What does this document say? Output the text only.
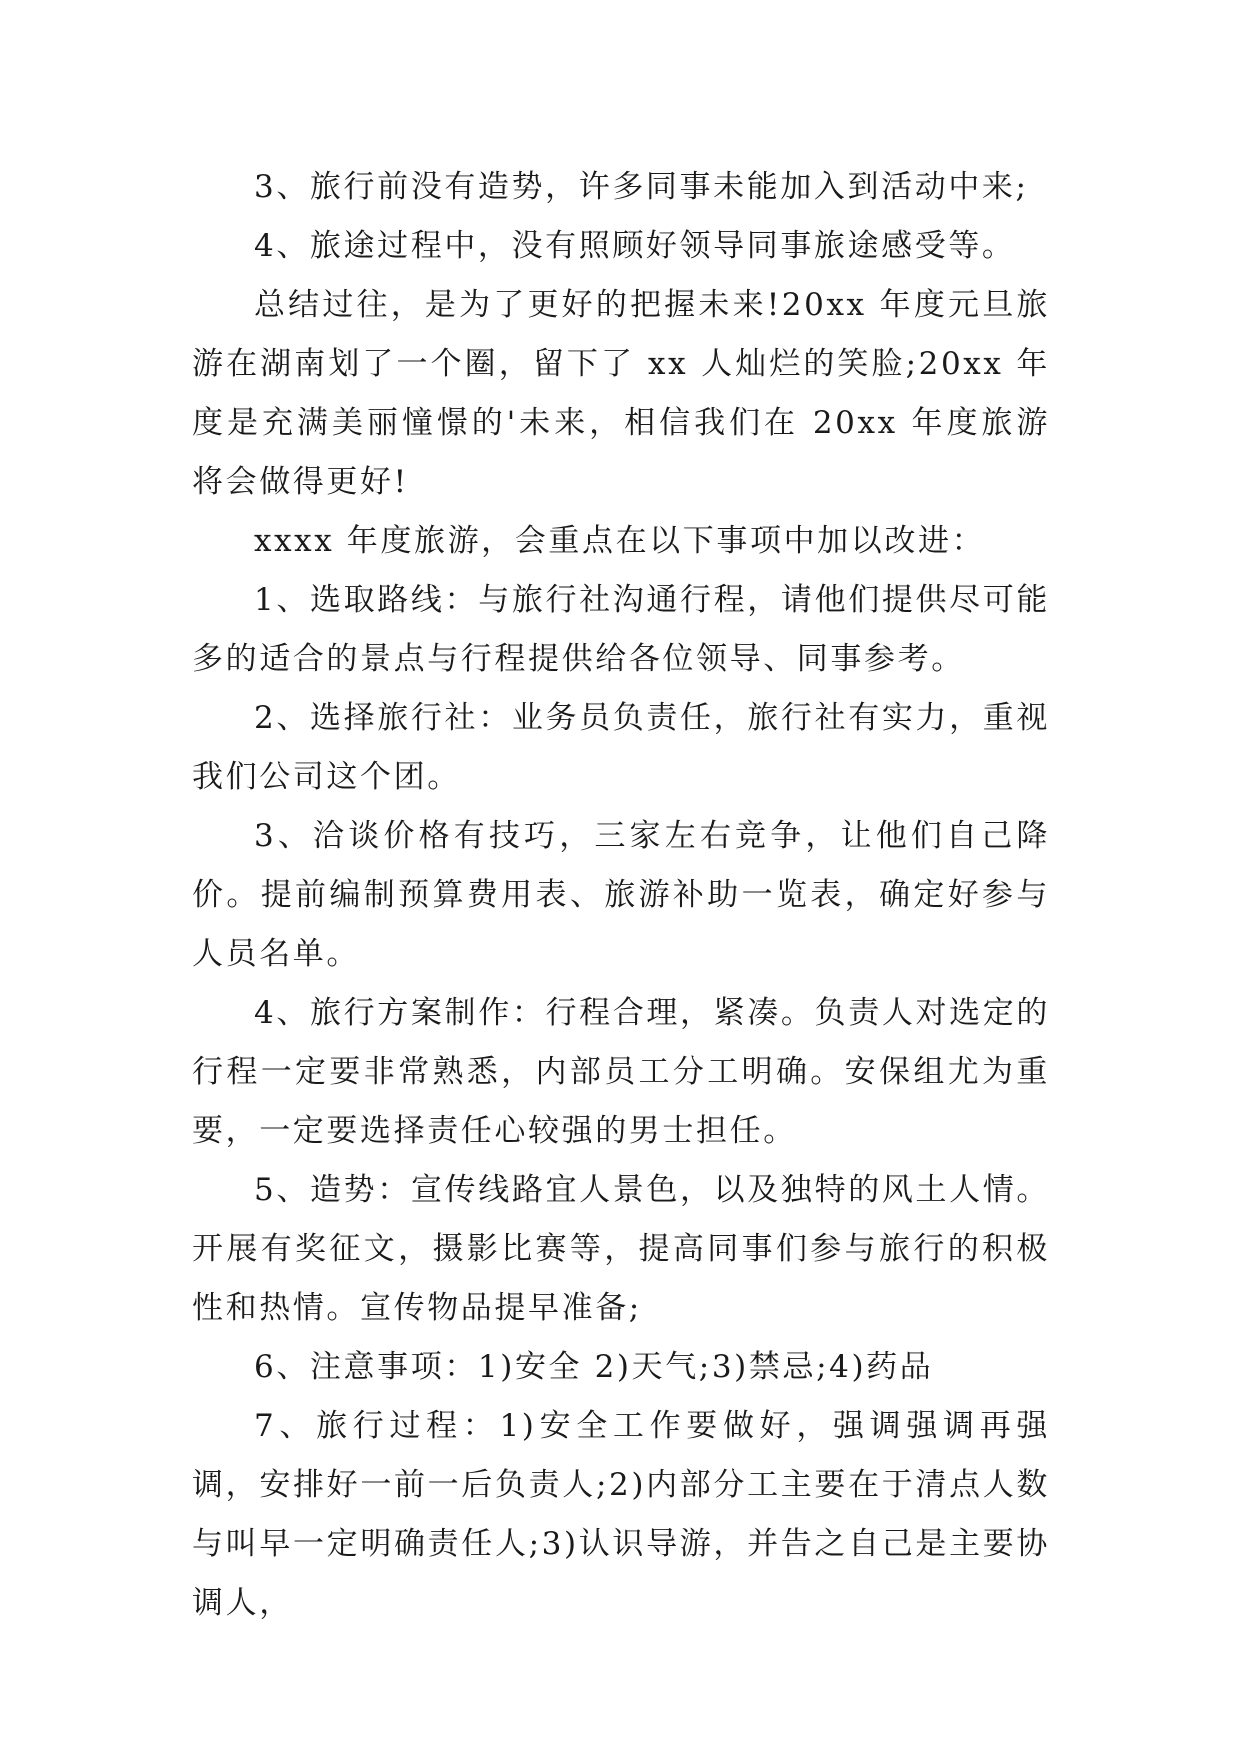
3、旅行前没有造势，许多同事未能加入到活动中来;

4、旅途过程中，没有照顾好领导同事旅途感受等。

总结过往，是为了更好的把握未来!20xx 年度元旦旅游在湖南划了一个圈，留下了 xx 人灿烂的笑脸;20xx 年度是充满美丽憧憬的'未来，相信我们在 20xx 年度旅游将会做得更好!

xxxx 年度旅游，会重点在以下事项中加以改进：

1、选取路线：与旅行社沟通行程，请他们提供尽可能多的适合的景点与行程提供给各位领导、同事参考。

2、选择旅行社：业务员负责任，旅行社有实力，重视我们公司这个团。

3、洽谈价格有技巧，三家左右竞争，让他们自己降价。提前编制预算费用表、旅游补助一览表，确定好参与人员名单。

4、旅行方案制作：行程合理，紧凑。负责人对选定的行程一定要非常熟悉，内部员工分工明确。安保组尤为重要，一定要选择责任心较强的男士担任。

5、造势：宣传线路宜人景色，以及独特的风土人情。开展有奖征文，摄影比赛等，提高同事们参与旅行的积极性和热情。宣传物品提早准备;

6、注意事项：1)安全 2)天气;3)禁忌;4)药品

7、旅行过程：1)安全工作要做好，强调强调再强调，安排好一前一后负责人;2)内部分工主要在于清点人数与叫早一定明确责任人;3)认识导游，并告之自己是主要协调人，
